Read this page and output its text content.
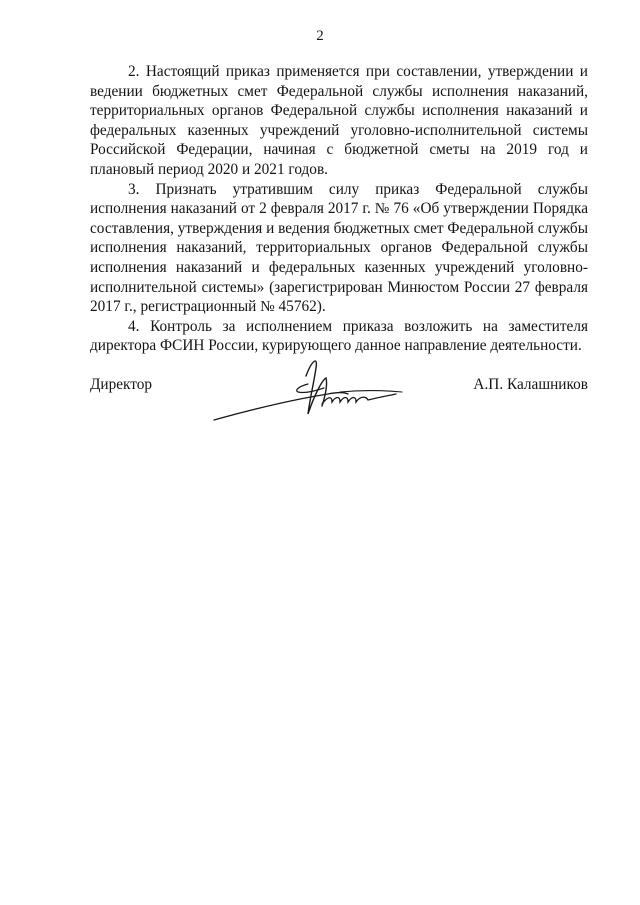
2

2. Настоящий приказ применяется при составлении, утверждении и ведении бюджетных смет Федеральной службы исполнения наказаний, территориальных органов Федеральной службы исполнения наказаний и федеральных казенных учреждений уголовно-исполнительной системы Российской Федерации, начиная с бюджетной сметы на 2019 год и плановый период 2020 и 2021 годов.

3. Признать утратившим силу приказ Федеральной службы исполнения наказаний от 2 февраля 2017 г. № 76 «Об утверждении Порядка составления, утверждения и ведения бюджетных смет Федеральной службы исполнения наказаний, территориальных органов Федеральной службы исполнения наказаний и федеральных казенных учреждений уголовно-исполнительной системы» (зарегистрирован Минюстом России 27 февраля 2017 г., регистрационный № 45762).

4. Контроль за исполнением приказа возложить на заместителя директора ФСИН России, курирующего данное направление деятельности.

Директор	А.П. Калашников
